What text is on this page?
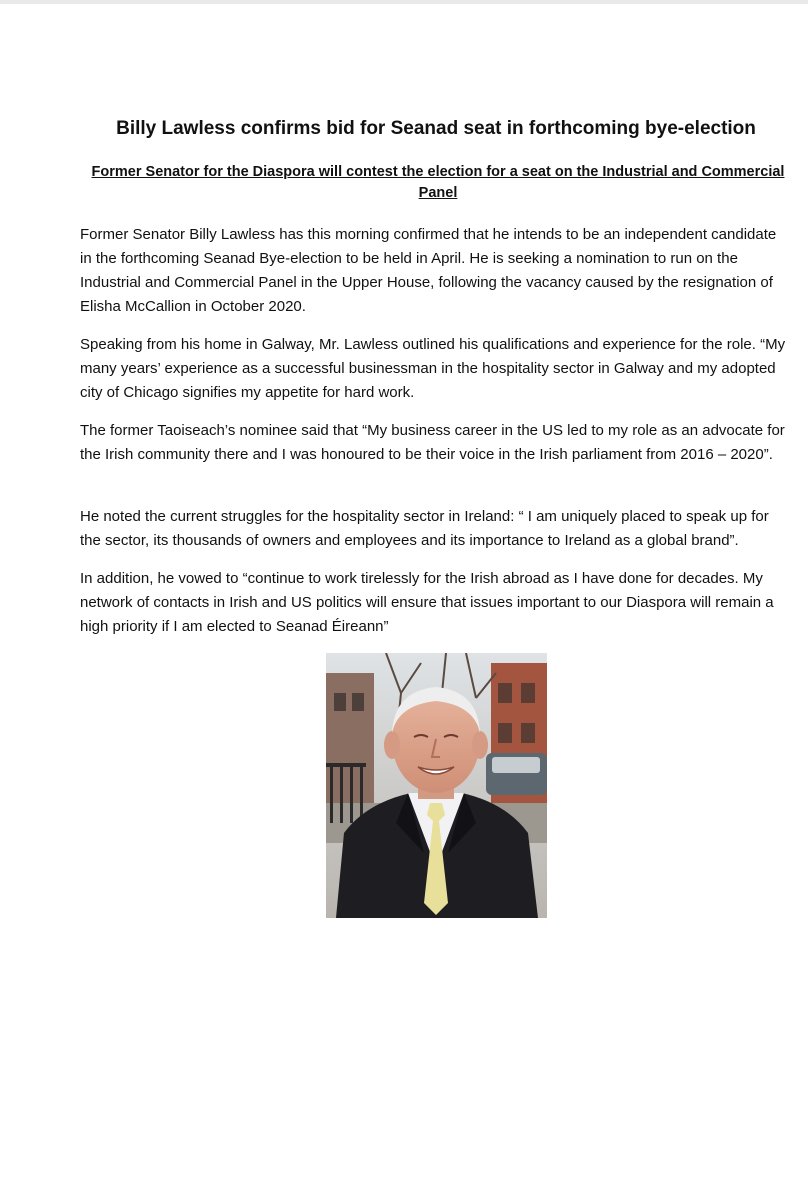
Billy Lawless confirms bid for Seanad seat in forthcoming bye-election
Former Senator for the Diaspora will contest the election for a seat on the Industrial and Commercial Panel

Former Senator Billy Lawless has this morning confirmed that he intends to be an independent candidate in the forthcoming Seanad Bye-election to be held in April. He is seeking a nomination to run on the Industrial and Commercial Panel in the Upper House, following the vacancy caused by the resignation of Elisha McCallion in October 2020.

Speaking from his home in Galway, Mr. Lawless outlined his qualifications and experience for the role. “My many years’ experience as a successful businessman in the hospitality sector in Galway and my adopted city of Chicago signifies my appetite for hard work.

The former Taoiseach’s nominee said that “My business career in the US led to my role as an advocate for the Irish community there and I was honoured to be their voice in the Irish parliament from 2016 – 2020”.

He noted the current struggles for the hospitality sector in Ireland: “ I am uniquely placed to speak up for the sector, its thousands of owners and employees and its importance to Ireland as a global brand”.

In addition, he vowed to “continue to work tirelessly for the Irish abroad as I have done for decades. My network of contacts in Irish and US politics will ensure that issues important to our Diaspora will remain a high priority if I am elected to Seanad Éireann”
